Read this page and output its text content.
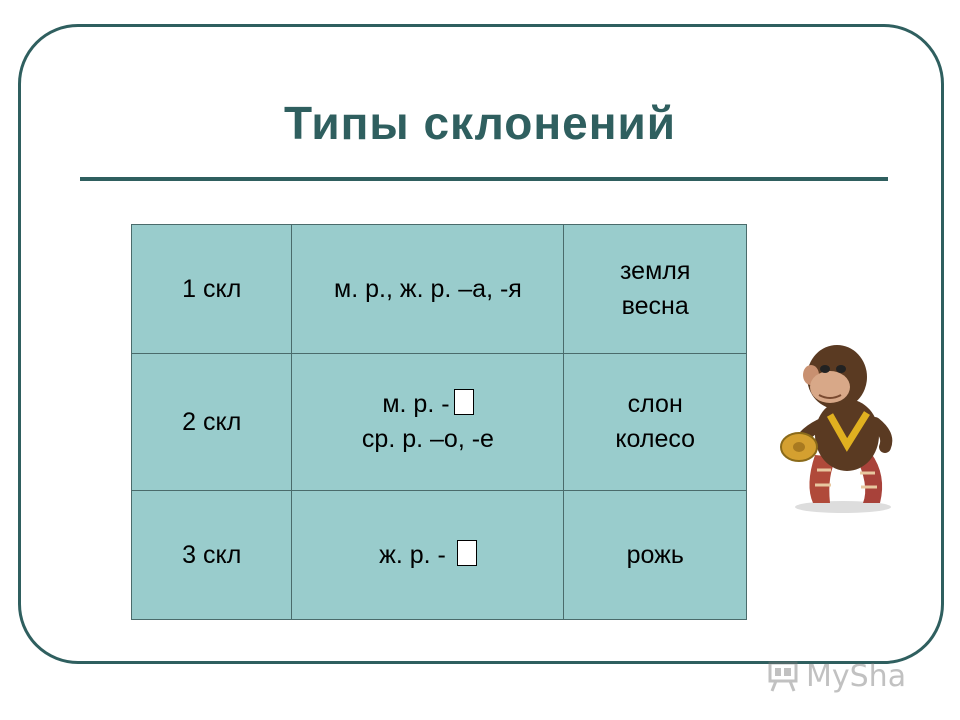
Типы склонений
1 скл	м. р., ж. р. –а, -я	земля
весна
2 скл	м. р. -
ср. р. –о, -е	слон
колесо
3 скл	ж. р. -	рожь
MySha
